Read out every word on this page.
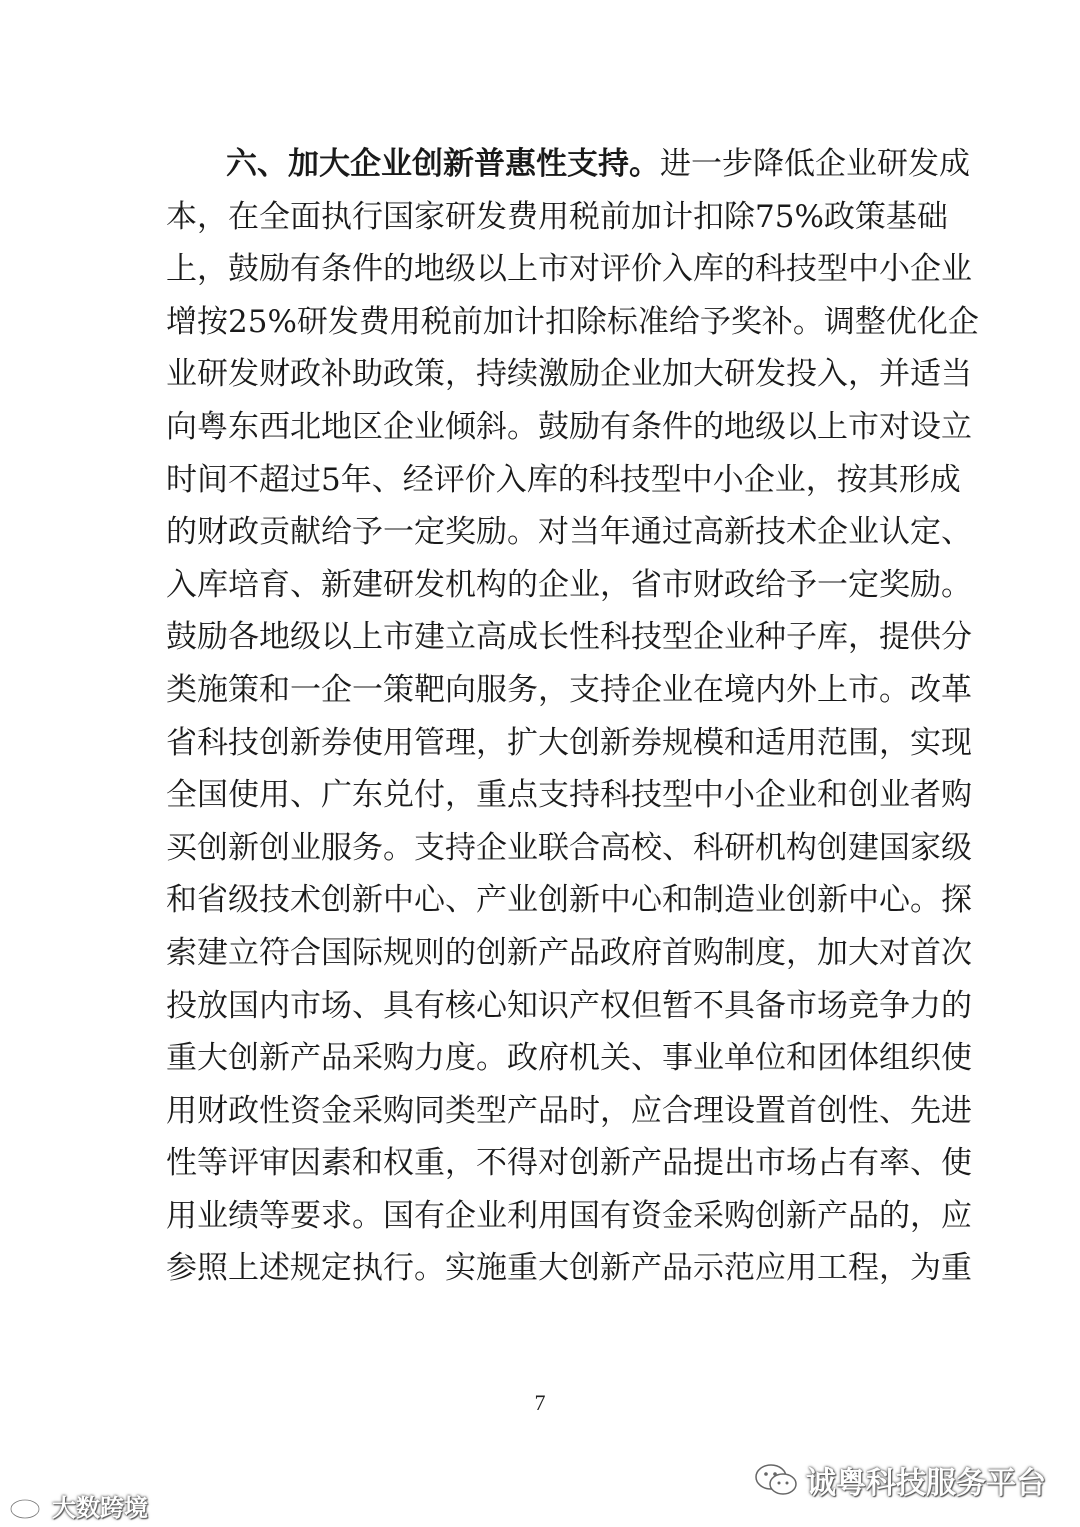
六、加大企业创新普惠性支持。进一步降低企业研发成
本，在全面执行国家研发费用税前加计扣除75%政策基础
上，鼓励有条件的地级以上市对评价入库的科技型中小企业
增按25%研发费用税前加计扣除标准给予奖补。调整优化企
业研发财政补助政策，持续激励企业加大研发投入，并适当
向粤东西北地区企业倾斜。鼓励有条件的地级以上市对设立
时间不超过5年、经评价入库的科技型中小企业，按其形成
的财政贡献给予一定奖励。对当年通过高新技术企业认定、
入库培育、新建研发机构的企业，省市财政给予一定奖励。
鼓励各地级以上市建立高成长性科技型企业种子库，提供分
类施策和一企一策靶向服务，支持企业在境内外上市。改革
省科技创新券使用管理，扩大创新券规模和适用范围，实现
全国使用、广东兑付，重点支持科技型中小企业和创业者购
买创新创业服务。支持企业联合高校、科研机构创建国家级
和省级技术创新中心、产业创新中心和制造业创新中心。探
索建立符合国际规则的创新产品政府首购制度，加大对首次
投放国内市场、具有核心知识产权但暂不具备市场竞争力的
重大创新产品采购力度。政府机关、事业单位和团体组织使
用财政性资金采购同类型产品时，应合理设置首创性、先进
性等评审因素和权重，不得对创新产品提出市场占有率、使
用业绩等要求。国有企业利用国有资金采购创新产品的，应
参照上述规定执行。实施重大创新产品示范应用工程，为重
7
诚粤科技服务平台
大数跨境
